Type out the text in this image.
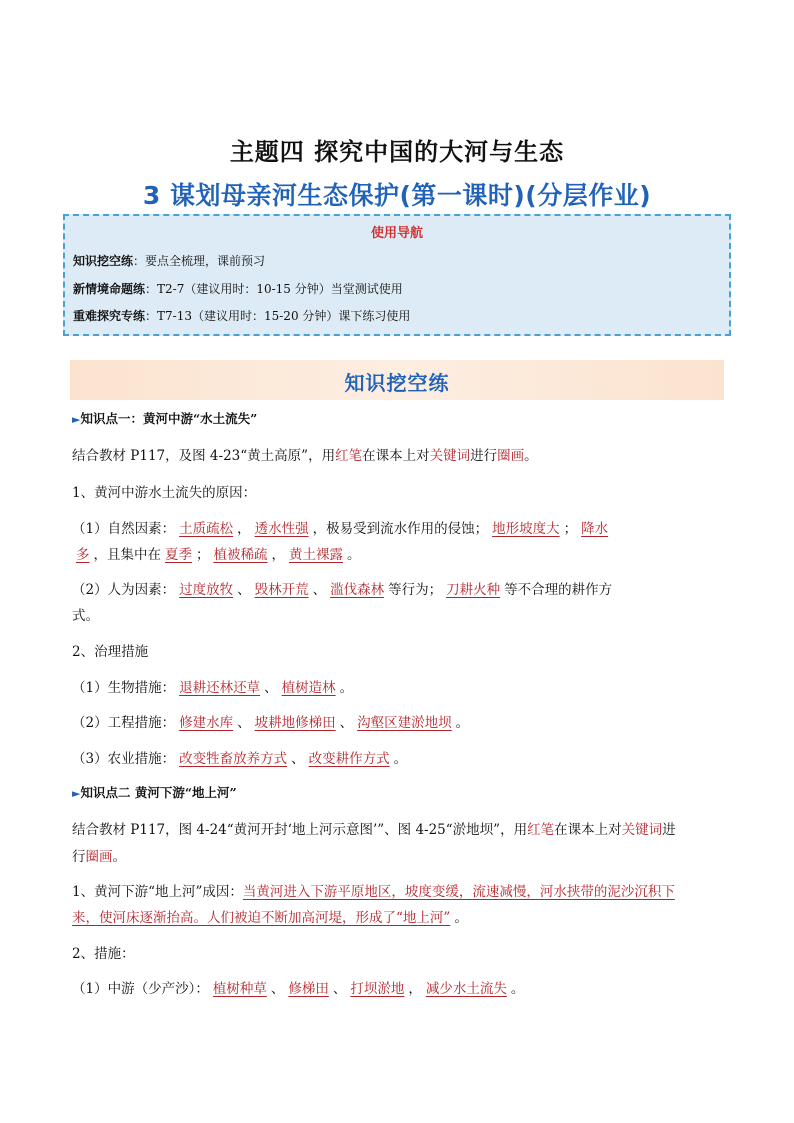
主题四 探究中国的大河与生态
3 谋划母亲河生态保护(第一课时)(分层作业)
使用导航
知识挖空练：要点全梳理，课前预习
新情境命题练：T2-7（建议用时：10-15 分钟）当堂测试使用
重难探究专练：T7-13（建议用时：15-20 分钟）课下练习使用
知识挖空练
►知识点一：黄河中游“水土流失”
结合教材 P117，及图 4-23“黄土高原”，用红笔在课本上对关键词进行圈画。
1、黄河中游水土流失的原因：
（1）自然因素： 土质疏松 ， 透水性强 ，极易受到流水作用的侵蚀； 地形坡度大 ； 降水
多 ，且集中在 夏季 ； 植被稀疏 ， 黄土裸露 。
（2）人为因素： 过度放牧 、 毁林开荒 、 滥伐森林 等行为； 刀耕火种 等不合理的耕作方
式。
2、治理措施
（1）生物措施： 退耕还林还草 、 植树造林 。
（2）工程措施： 修建水库 、 坡耕地修梯田 、 沟壑区建淤地坝 。
（3）农业措施： 改变牲畜放养方式 、 改变耕作方式 。
►知识点二 黄河下游“地上河”
结合教材 P117，图 4-24“黄河开封‘地上河示意图’”、图 4-25“淤地坝”，用红笔在课本上对关键词进
行圈画。
1、黄河下游“地上河”成因：当黄河进入下游平原地区，坡度变缓，流速减慢，河水挟带的泥沙沉积下
来，使河床逐渐抬高。人们被迫不断加高河堤，形成了“地上河” 。
2、措施：
（1）中游（少产沙）： 植树种草 、 修梯田 、 打坝淤地 ， 减少水土流失 。
